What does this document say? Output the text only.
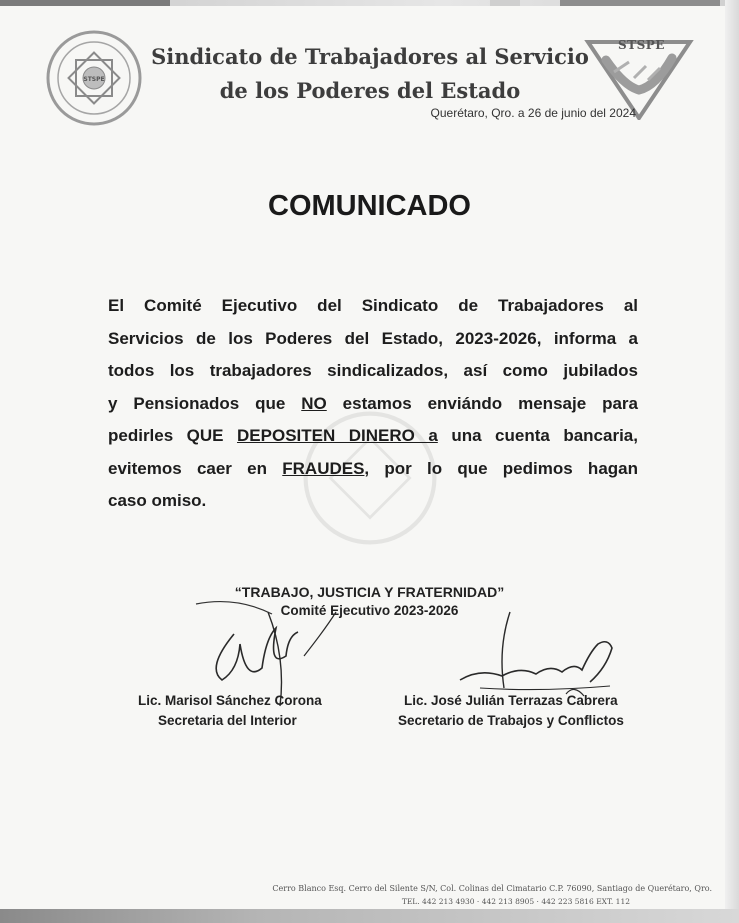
STSPE
Sindicato de Trabajadores al Servicio
de los Poderes del Estado
STSPE
Querétaro, Qro. a 26 de junio del 2024
COMUNICADO
El Comité Ejecutivo del Sindicato de Trabajadores al
Servicios de los Poderes del Estado, 2023-2026, informa a
todos los trabajadores sindicalizados, así como jubilados
y Pensionados que NO estamos enviándo mensaje para
pedirles QUE DEPOSITEN DINERO a una cuenta bancaria,
evitemos caer en FRAUDES, por lo que pedimos hagan
caso omiso.
“TRABAJO, JUSTICIA Y FRATERNIDAD”
Comité Ejecutivo 2023-2026
Lic. Marisol Sánchez Corona
Secretaria del Interior
Lic. José Julián Terrazas Cabrera
Secretario de Trabajos y Conflictos
Cerro Blanco Esq. Cerro del Silente S/N, Col. Colinas del Cimatario C.P. 76090, Santiago de Querétaro, Qro.
TEL. 442 213 4930 · 442 213 8905 · 442 223 5816 EXT. 112
